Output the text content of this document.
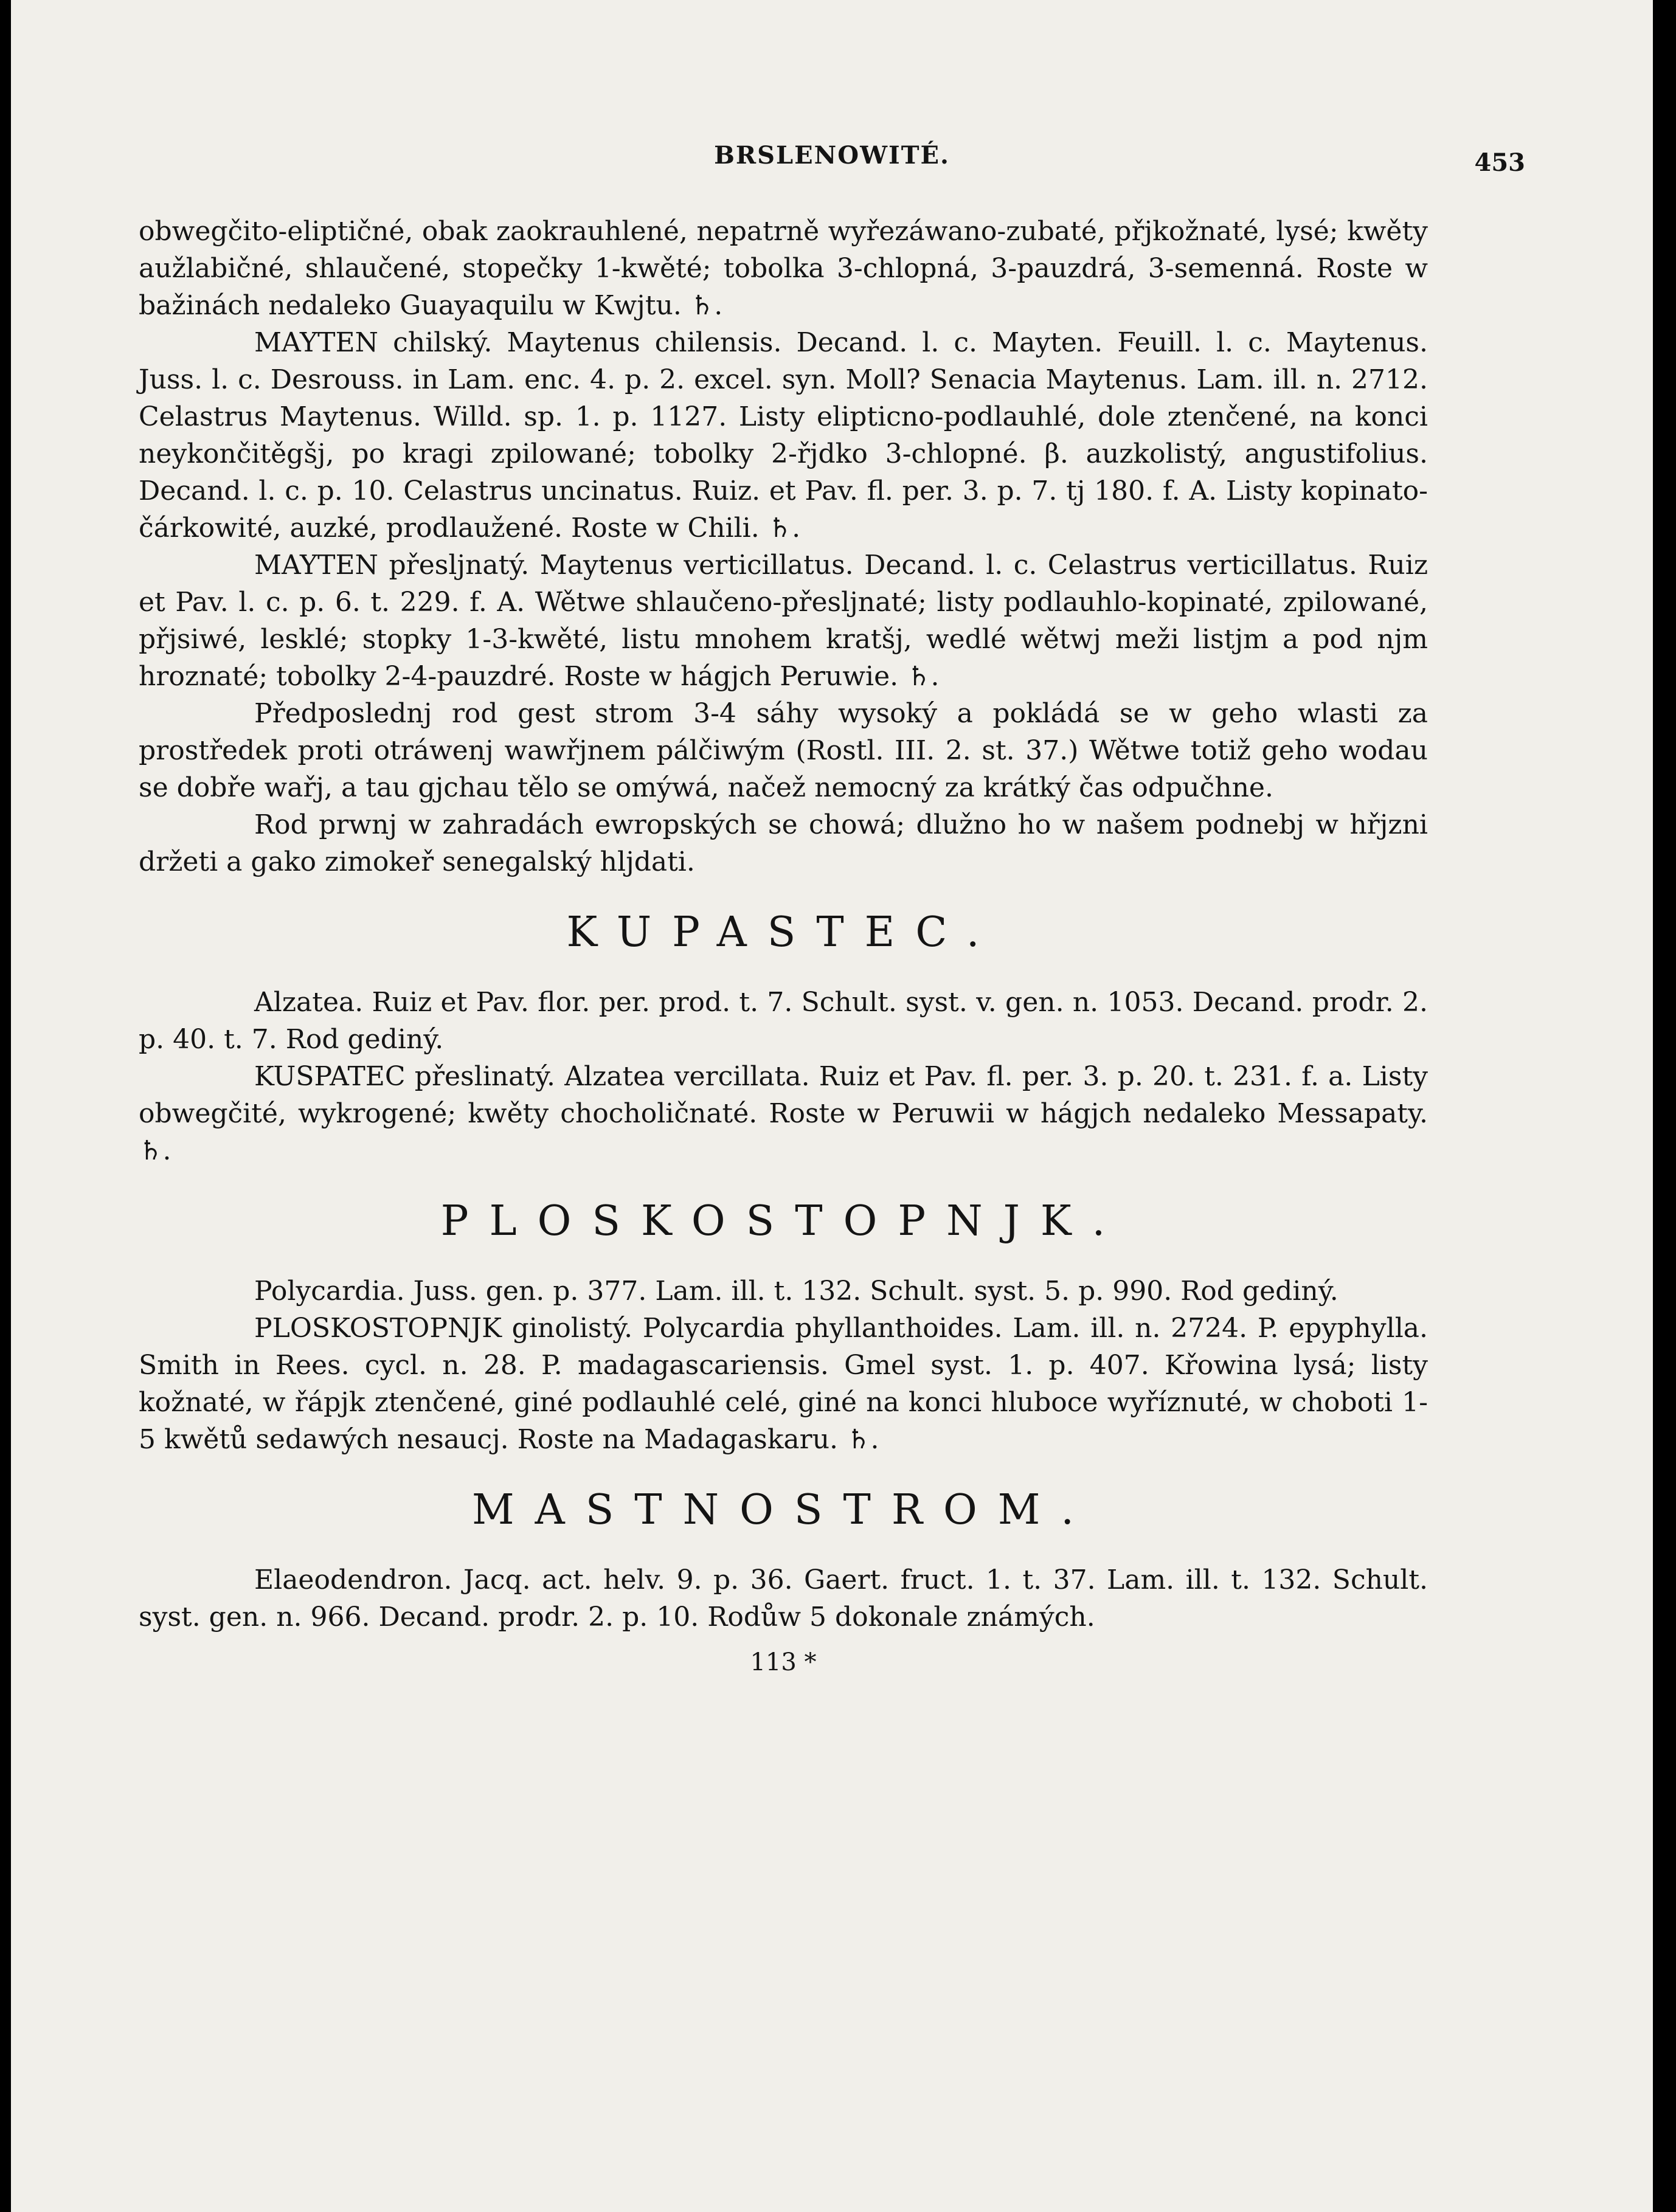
BRSLENOWITÉ.	453

obwegčito-eliptičné, obak zaokrauhlené, nepatrně wyřezáwano-zubaté, přjkožnaté, lysé; kwěty aužlabičné, shlaučené, stopečky 1-kwěté; tobolka 3-chlopná, 3-pauzdrá, 3-semenná. Roste w bažinách nedaleko Guayaquilu w Kwjtu. ♄.

MAYTEN chilský. Maytenus chilensis. Decand. l. c. Mayten. Feuill. l. c. Maytenus. Juss. l. c. Desrouss. in Lam. enc. 4. p. 2. excel. syn. Moll? Senacia Maytenus. Lam. ill. n. 2712. Celastrus Maytenus. Willd. sp. 1. p. 1127. Listy elipticno-podlauhlé, dole ztenčené, na konci neykončitěgšj, po kragi zpilowané; tobolky 2-řjdko 3-chlopné. β. auzkolistý, angustifolius. Decand. l. c. p. 10. Celastrus uncinatus. Ruiz. et Pav. fl. per. 3. p. 7. tj 180. f. A. Listy kopinato-čárkowité, auzké, prodlaužené. Roste w Chili. ♄.

MAYTEN přesljnatý. Maytenus verticillatus. Decand. l. c. Celastrus verticillatus. Ruiz et Pav. l. c. p. 6. t. 229. f. A. Wětwe shlaučeno-přesljnaté; listy podlauhlo-kopinaté, zpilowané, přjsiwé, lesklé; stopky 1-3-kwěté, listu mnohem kratšj, wedlé wětwj meži listjm a pod njm hroznaté; tobolky 2-4-pauzdré. Roste w hágjch Peruwie. ♄.

Předposlednj rod gest strom 3-4 sáhy wysoký a pokládá se w geho wlasti za prostředek proti otráwenj wawřjnem pálčiwým (Rostl. III. 2. st. 37.) Wětwe totiž geho wodau se dobře wařj, a tau gjchau tělo se omýwá, načež nemocný za krátký čas odpučhne.

Rod prwnj w zahradách ewropských se chowá; dlužno ho w našem podnebj w hřjzni držeti a gako zimokeř senegalský hljdati.

KUPASTEC.

Alzatea. Ruiz et Pav. flor. per. prod. t. 7. Schult. syst. v. gen. n. 1053. Decand. prodr. 2. p. 40. t. 7. Rod gediný.

KUSPATEC přeslinatý. Alzatea vercillata. Ruiz et Pav. fl. per. 3. p. 20. t. 231. f. a. Listy obwegčité, wykrogené; kwěty chocholičnaté. Roste w Peruwii w hágjch nedaleko Messapaty. ♄.

PLOSKOSTOPNJK.

Polycardia. Juss. gen. p. 377. Lam. ill. t. 132. Schult. syst. 5. p. 990. Rod gediný.

PLOSKOSTOPNJK ginolistý. Polycardia phyllanthoides. Lam. ill. n. 2724. P. epyphylla. Smith in Rees. cycl. n. 28. P. madagascariensis. Gmel syst. 1. p. 407. Křowina lysá; listy kožnaté, w řápjk ztenčené, giné podlauhlé celé, giné na konci hluboce wyříznuté, w choboti 1-5 kwětů sedawých nesaucj. Roste na Madagaskaru. ♄.

MASTNOSTROM.

Elaeodendron. Jacq. act. helv. 9. p. 36. Gaert. fruct. 1. t. 37. Lam. ill. t. 132. Schult. syst. gen. n. 966. Decand. prodr. 2. p. 10. Rodůw 5 dokonale známých.

113 *
